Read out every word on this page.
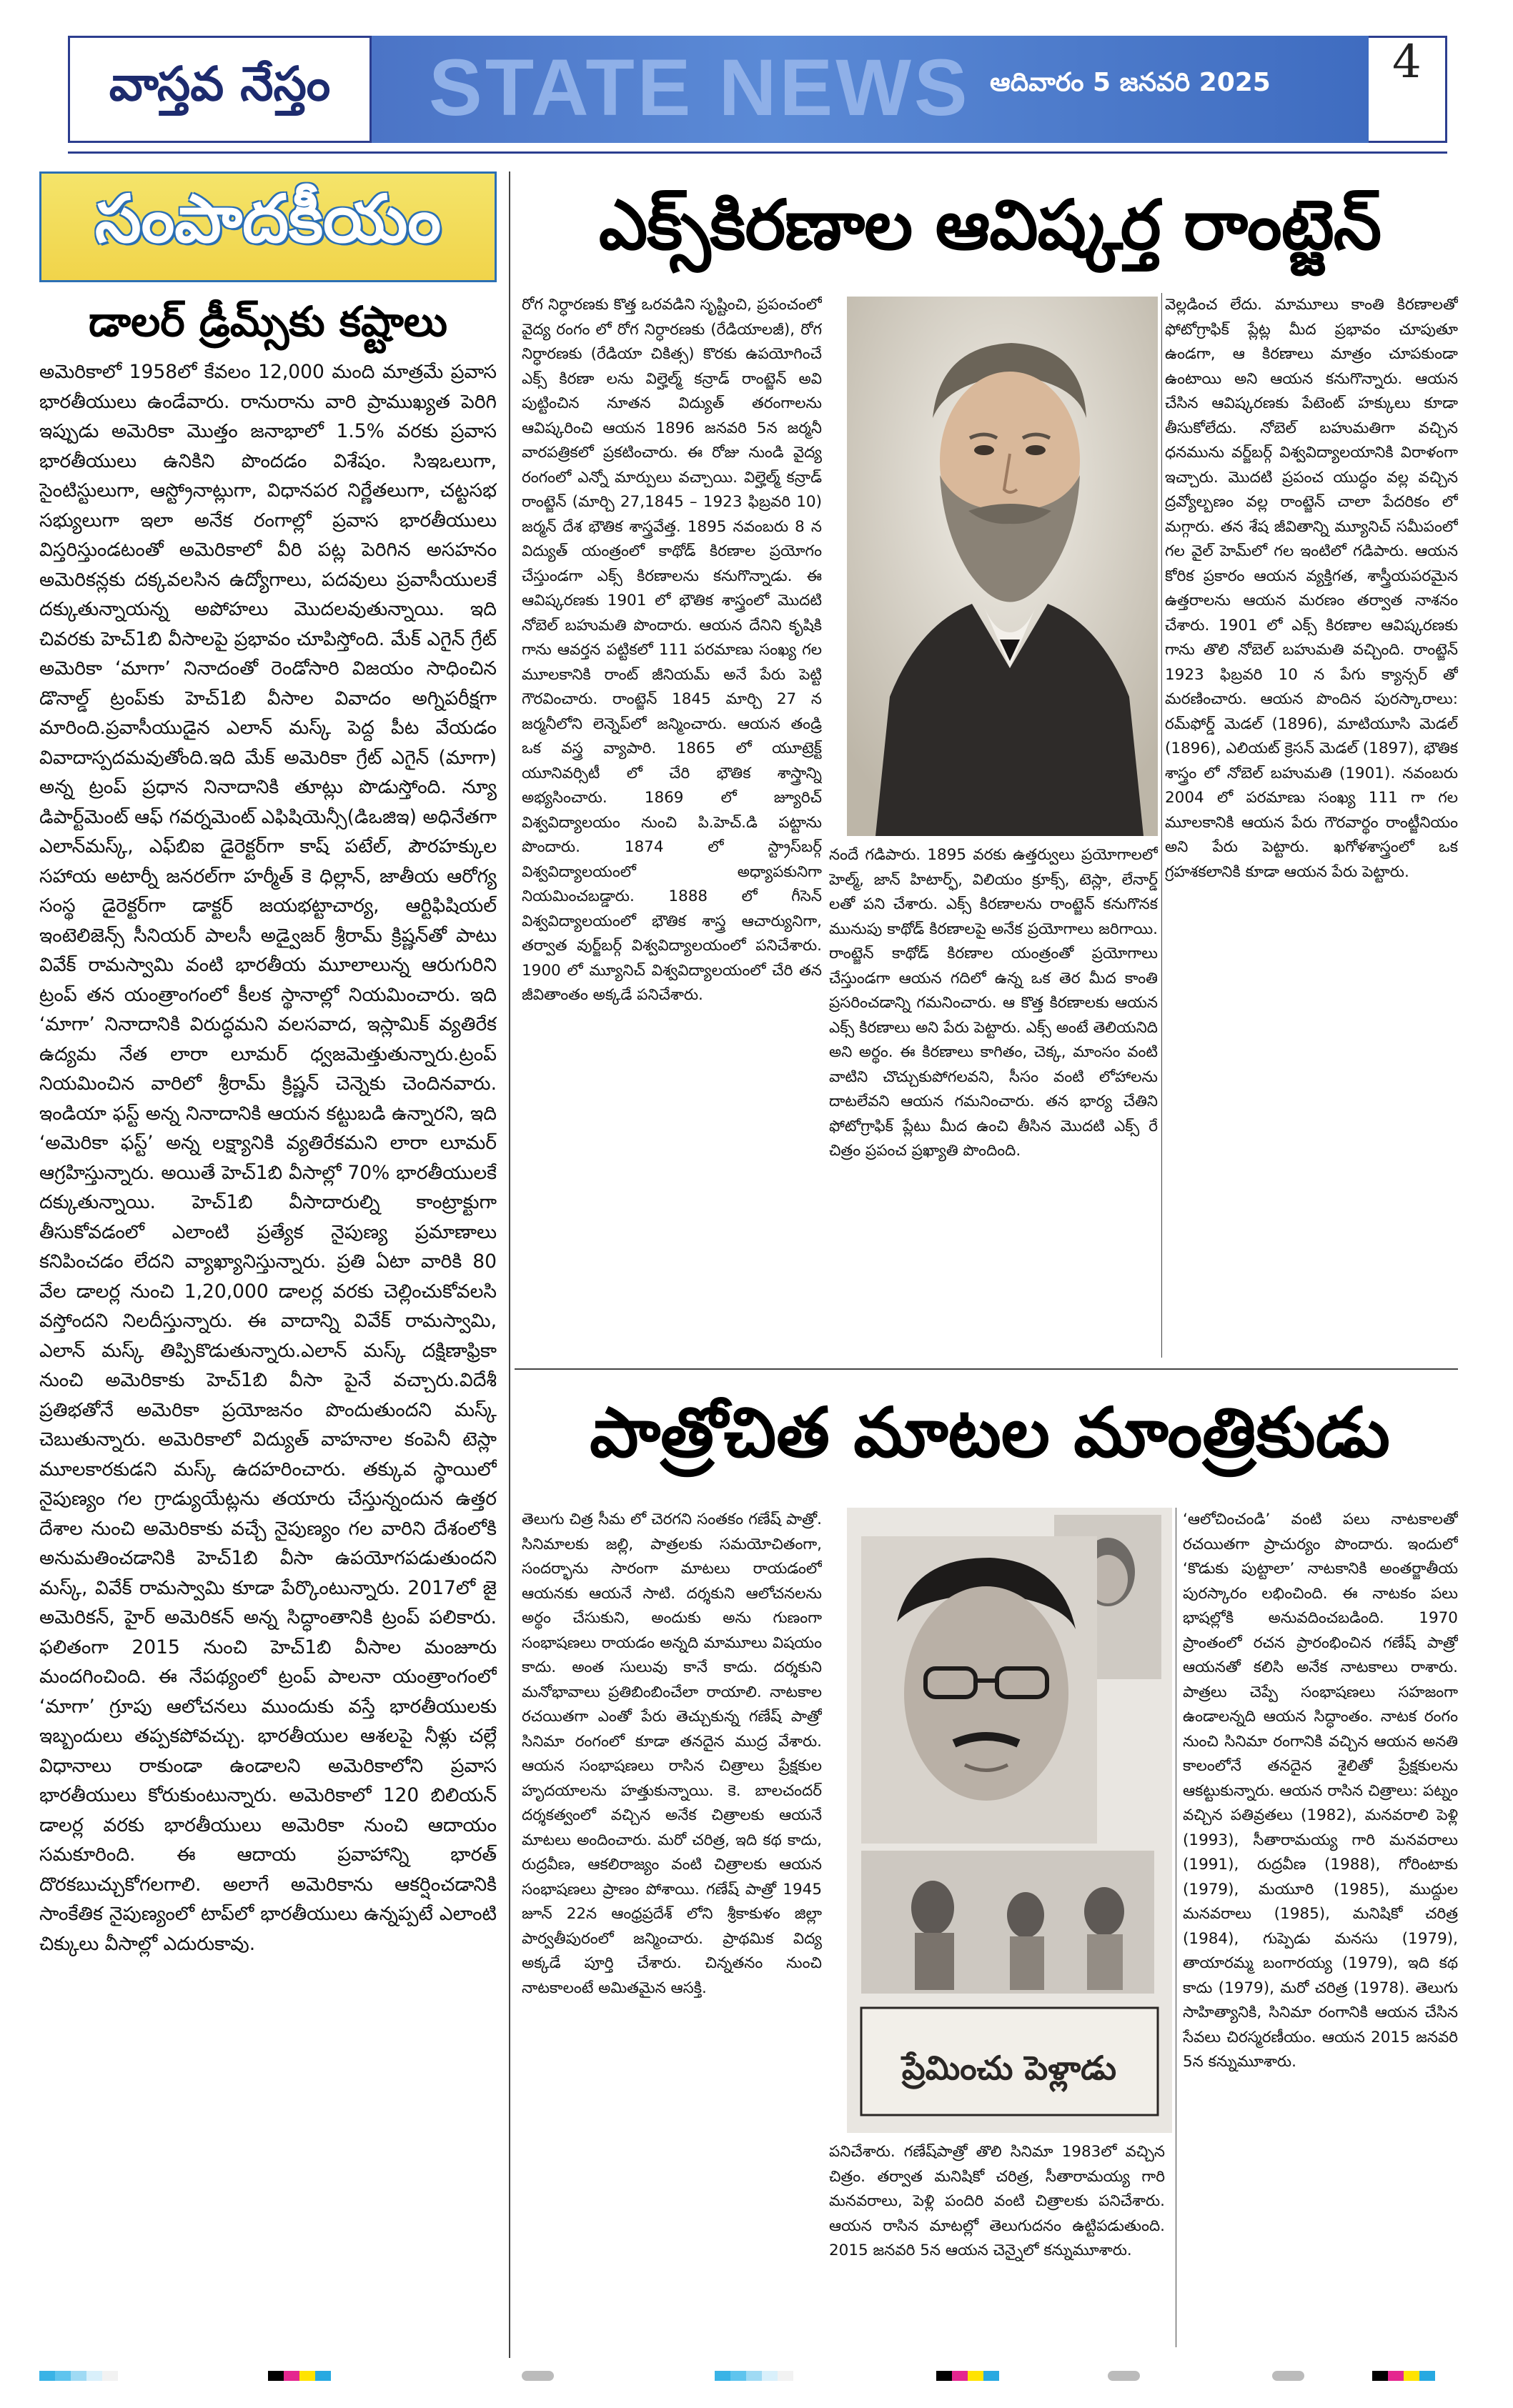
వాస్తవ నేస్తం STATE NEWS ఆదివారం 5 జనవరి 2025	4
సంపాదకీయం
డాలర్ డ్రీమ్స్‌కు కష్టాలు
అమెరికాలో 1958లో కేవలం 12,000 మంది మాత్రమే ప్రవాస భారతీయులు ఉండేవారు. రానురాను వారి ప్రాముఖ్యత పెరిగి ఇప్పుడు అమెరికా మొత్తం జనాభాలో 1.5% వరకు ప్రవాస భారతీయులు ఉనికిని పొందడం విశేషం. సిఇఒలుగా, సైంటిస్టులుగా, ఆస్ట్రోనాట్లుగా, విధానపర నిర్ణేతలుగా, చట్టసభ సభ్యులుగా ఇలా అనేక రంగాల్లో ప్రవాస భారతీయులు విస్తరిస్తుండటంతో అమెరికాలో వీరి పట్ల పెరిగిన అసహనం అమెరికన్లకు దక్కవలసిన ఉద్యోగాలు, పదవులు ప్రవాసీయులకే దక్కుతున్నాయన్న అపోహలు మొదలవుతున్నాయి. ఇది చివరకు హెచ్1బి వీసాలపై ప్రభావం చూపిస్తోంది. మేక్ ఎగైన్ గ్రేట్ అమెరికా ‘మాగా’ నినాదంతో రెండోసారి విజయం సాధించిన డొనాల్డ్ ట్రంప్‌కు హెచ్1బి వీసాల వివాదం అగ్నిపరీక్షగా మారింది.ప్రవాసీయుడైన ఎలాన్ మస్క్ పెద్ద పీట వేయడం వివాదాస్పదమవుతోంది.ఇది మేక్ అమెరికా గ్రేట్ ఎగైన్ (మాగా) అన్న ట్రంప్ ప్రధాన నినాదానికి తూట్లు పొడుస్తోంది. న్యూ డిపార్ట్‌మెంట్ ఆఫ్ గవర్నమెంట్ ఎఫిషియెన్సీ(డిఒజిఇ) అధినేతగా ఎలాన్‌మస్క్, ఎఫ్‌బిఐ డైరెక్టర్‌గా కాష్ పటేల్, పౌరహక్కుల సహాయ అటార్నీ జనరల్‌గా హర్మీత్ కె ధిల్లాన్, జాతీయ ఆరోగ్య సంస్థ డైరెక్టర్‌గా డాక్టర్ జయభట్టాచార్య, ఆర్టిఫిషియల్ ఇంటెలిజెన్స్ సీనియర్ పాలసీ అడ్వైజర్ శ్రీరామ్ క్రిష్ణన్‌తో పాటు వివేక్ రామస్వామి వంటి భారతీయ మూలాలున్న ఆరుగురిని ట్రంప్ తన యంత్రాంగంలో కీలక స్థానాల్లో నియమించారు. ఇది ‘మాగా’ నినాదానికి విరుద్ధమని వలసవాద, ఇస్లామిక్ వ్యతిరేక ఉద్యమ నేత లారా లూమర్ ధ్వజమెత్తుతున్నారు.ట్రంప్ నియమించిన వారిలో శ్రీరామ్ క్రిష్ణన్ చెన్నెకు చెందినవారు. ఇండియా ఫస్ట్ అన్న నినాదానికి ఆయన కట్టుబడి ఉన్నారని, ఇది ‘అమెరికా ఫస్ట్’ అన్న లక్ష్యానికి వ్యతిరేకమని లారా లూమర్ ఆగ్రహిస్తున్నారు. అయితే హెచ్1బి వీసాల్లో 70% భారతీయులకే దక్కుతున్నాయి. హెచ్1బి వీసాదారుల్ని కాంట్రాక్టుగా తీసుకోవడంలో ఎలాంటి ప్రత్యేక నైపుణ్య ప్రమాణాలు కనిపించడం లేదని వ్యాఖ్యానిస్తున్నారు. ప్రతి ఏటా వారికి 80 వేల డాలర్ల నుంచి 1,20,000 డాలర్ల వరకు చెల్లించుకోవలసి వస్తోందని నిలదీస్తున్నారు. ఈ వాదాన్ని వివేక్ రామస్వామి, ఎలాన్ మస్క్ తిప్పికొడుతున్నారు.ఎలాన్ మస్క్ దక్షిణాఫ్రికా నుంచి అమెరికాకు హెచ్1బి వీసా పైనే వచ్చారు.విదేశీ ప్రతిభతోనే అమెరికా ప్రయోజనం పొందుతుందని మస్క్ చెబుతున్నారు. అమెరికాలో విద్యుత్ వాహనాల కంపెనీ టెస్లా మూలకారకుడని మస్క్ ఉదహరించారు. తక్కువ స్థాయిలో నైపుణ్యం గల గ్రాడ్యుయేట్లను తయారు చేస్తున్నందున ఉత్తర దేశాల నుంచి అమెరికాకు వచ్చే నైపుణ్యం గల వారిని దేశంలోకి అనుమతించడానికి హెచ్1బి వీసా ఉపయోగపడుతుందని మస్క్, వివేక్ రామస్వామి కూడా పేర్కొంటున్నారు. 2017లో జై అమెరికన్, హైర్ అమెరికన్ అన్న సిద్ధాంతానికి ట్రంప్ పలికారు. ఫలితంగా 2015 నుంచి హెచ్1బి వీసాల మంజూరు మందగించింది. ఈ నేపథ్యంలో ట్రంప్ పాలనా యంత్రాంగంలో ‘మాగా’ గ్రూపు ఆలోచనలు ముందుకు వస్తే భారతీయులకు ఇబ్బందులు తప్పకపోవచ్చు. భారతీయుల ఆశలపై నీళ్లు చల్లే విధానాలు రాకుండా ఉండాలని అమెరికాలోని ప్రవాస భారతీయులు కోరుకుంటున్నారు. అమెరికాలో 120 బిలియన్ డాలర్ల వరకు భారతీయులు అమెరికా నుంచి ఆదాయం సమకూరింది. ఈ ఆదాయ ప్రవాహాన్ని భారత్ దొరకబుచ్చుకోగలగాలి. అలాగే అమెరికాను ఆకర్షించడానికి సాంకేతిక నైపుణ్యంలో టాప్‌లో భారతీయులు ఉన్నప్పటే ఎలాంటి చిక్కులు వీసాల్లో ఎదురుకావు.
ఎక్స్‌కిరణాల ఆవిష్కర్త రాంట్జెన్
రోగ నిర్ధారణకు కొత్త ఒరవడిని సృష్టించి, ప్రపంచంలో వైద్య రంగం లో రోగ నిర్ధారణకు (రేడియాలజీ), రోగ నిర్ధారణకు (రేడియా చికిత్స) కొరకు ఉపయోగించే ఎక్స్ కిరణా లను విల్హెల్మ్ కన్రాడ్ రాంట్జెన్ అవి పుట్టించిన నూతన విద్యుత్ తరంగాలను ఆవిష్కరించి ఆయన 1896 జనవరి 5న జర్మనీ వారపత్రికలో ప్రకటించారు. ఈ రోజు నుండి వైద్య రంగంలో ఎన్నో మార్పులు వచ్చాయి. విల్హెల్మ్ కన్రాడ్ రాంట్జెన్ (మార్చి 27,1845 – 1923 ఫిబ్రవరి 10) జర్మన్ దేశ భౌతిక శాస్త్రవేత్త. 1895 నవంబరు 8 న విద్యుత్ యంత్రంలో కాథోడ్ కిరణాల ప్రయోగం చేస్తుండగా ఎక్స్ కిరణాలను కనుగొన్నాడు. ఈ ఆవిష్కరణకు 1901 లో భౌతిక శాస్త్రంలో మొదటి నోబెల్ బహుమతి పొందారు. ఆయన దేనిని కృషికి గాను ఆవర్తన పట్టికలో 111 పరమాణు సంఖ్య గల మూలకానికి రాంట్ జీనియమ్ అనే పేరు పెట్టి గౌరవించారు. రాంట్జెన్ 1845 మార్చి 27 న జర్మనీలోని లెన్నెప్‌లో జన్మించారు. ఆయన తండ్రి ఒక వస్త్ర వ్యాపారి. 1865 లో యూట్రెక్ట్ యూనివర్సిటీ లో చేరి భౌతిక శాస్త్రాన్ని అభ్యసించారు. 1869 లో జ్యూరిచ్ విశ్వవిద్యాలయం నుంచి పి.హెచ్.డి పట్టాను పొందారు. 1874 లో స్ట్రాస్‌బర్గ్ విశ్వవిద్యాలయంలో అధ్యాపకునిగా నియమించబడ్డారు. 1888 లో గీసెన్ విశ్వవిద్యాలయంలో భౌతిక శాస్త్ర ఆచార్యునిగా, తర్వాత వుర్జ్‌బర్గ్ విశ్వవిద్యాలయంలో పనిచేశారు. 1900 లో మ్యూనిచ్ విశ్వవిద్యాలయంలో చేరి తన జీవితాంతం అక్కడే పనిచేశారు.
నందే గడిపారు. 1895 వరకు ఉత్తర్వులు ప్రయోగాలలో హెల్మ్, జాన్ హిటార్ఫ్, విలియం క్రూక్స్, టెస్లా, లేనార్డ్ లతో పని చేశారు. ఎక్స్ కిరణాలను రాంట్జెన్ కనుగొనక మునుపు కాథోడ్ కిరణాలపై అనేక ప్రయోగాలు జరిగాయి. రాంట్జెన్ కాథోడ్ కిరణాల యంత్రంతో ప్రయోగాలు చేస్తుండగా ఆయన గదిలో ఉన్న ఒక తెర మీద కాంతి ప్రసరించడాన్ని గమనించారు. ఆ కొత్త కిరణాలకు ఆయన ఎక్స్ కిరణాలు అని పేరు పెట్టారు. ఎక్స్ అంటే తెలియనిది అని అర్థం. ఈ కిరణాలు కాగితం, చెక్క, మాంసం వంటి వాటిని చొచ్చుకుపోగలవని, సీసం వంటి లోహాలను దాటలేవని ఆయన గమనించారు. తన భార్య చేతిని ఫోటోగ్రాఫిక్ ప్లేటు మీద ఉంచి తీసిన మొదటి ఎక్స్ రే చిత్రం ప్రపంచ ప్రఖ్యాతి పొందింది.
వెల్లడించ లేదు. మామూలు కాంతి కిరణాలతో ఫోటోగ్రాఫిక్ ప్లేట్ల మీద ప్రభావం చూపుతూ ఉండగా, ఆ కిరణాలు మాత్రం చూపకుండా ఉంటాయి అని ఆయన కనుగొన్నారు. ఆయన చేసిన ఆవిష్కరణకు పేటెంట్ హక్కులు కూడా తీసుకోలేదు. నోబెల్ బహుమతిగా వచ్చిన ధనమును వర్జ్‌బర్గ్ విశ్వవిద్యాలయానికి విరాళంగా ఇచ్చారు. మొదటి ప్రపంచ యుద్ధం వల్ల వచ్చిన ద్రవ్యోల్బణం వల్ల రాంట్జెన్ చాలా పేదరికం లో మగ్గారు. తన శేష జీవితాన్ని మ్యూనిచ్ సమీపంలో గల వైల్ హెమ్‌లో గల ఇంటిలో గడిపారు. ఆయన కోరిక ప్రకారం ఆయన వ్యక్తిగత, శాస్త్రీయపరమైన ఉత్తరాలను ఆయన మరణం తర్వాత నాశనం చేశారు. 1901 లో ఎక్స్ కిరణాల ఆవిష్కరణకు గాను తొలి నోబెల్ బహుమతి వచ్చింది. రాంట్జెన్ 1923 ఫిబ్రవరి 10 న పేగు క్యాన్సర్ తో మరణించారు. ఆయన పొందిన పురస్కారాలు: రమ్‌ఫోర్డ్ మెడల్ (1896), మాటియూసి మెడల్ (1896), ఎలియట్ క్రెసన్ మెడల్ (1897), భౌతిక శాస్త్రం లో నోబెల్ బహుమతి (1901). నవంబరు 2004 లో పరమాణు సంఖ్య 111 గా గల మూలకానికి ఆయన పేరు గౌరవార్థం రాంట్జీనియం అని పేరు పెట్టారు. ఖగోళశాస్త్రంలో ఒక గ్రహశకలానికి కూడా ఆయన పేరు పెట్టారు.
పాత్రోచిత మాటల మాంత్రికుడు
తెలుగు చిత్ర సీమ లో చెరగని సంతకం గణేష్ పాత్రో. సినిమాలకు జల్లి, పాత్రలకు సమయోచితంగా, సందర్భాను సారంగా మాటలు రాయడంలో ఆయనకు ఆయనే సాటి. దర్శకుని ఆలోచనలను అర్థం చేసుకుని, అందుకు అను గుణంగా సంభాషణలు రాయడం అన్నది మామూలు విషయం కాదు. అంత సులువు కానే కాదు. దర్శకుని మనోభావాలు ప్రతిబింబించేలా రాయాలి. నాటకాల రచయితగా ఎంతో పేరు తెచ్చుకున్న గణేష్ పాత్రో సినిమా రంగంలో కూడా తనదైన ముద్ర వేశారు. ఆయన సంభాషణలు రాసిన చిత్రాలు ప్రేక్షకుల హృదయాలను హత్తుకున్నాయి. కె. బాలచందర్ దర్శకత్వంలో వచ్చిన అనేక చిత్రాలకు ఆయనే మాటలు అందించారు. మరో చరిత్ర, ఇది కథ కాదు, రుద్రవీణ, ఆకలిరాజ్యం వంటి చిత్రాలకు ఆయన సంభాషణలు ప్రాణం పోశాయి. గణేష్ పాత్రో 1945 జూన్ 22న ఆంధ్రప్రదేశ్ లోని శ్రీకాకుళం జిల్లా పార్వతీపురంలో జన్మించారు. ప్రాథమిక విద్య అక్కడే పూర్తి చేశారు. చిన్నతనం నుంచి నాటకాలంటే అమితమైన ఆసక్తి.
ప్రేమించు పెళ్లాడు
పనిచేశారు. గణేష్‌పాత్రో తొలి సినిమా 1983లో వచ్చిన చిత్రం. తర్వాత మనిషికో చరిత్ర, సీతారామయ్య గారి మనవరాలు, పెళ్లి పందిరి వంటి చిత్రాలకు పనిచేశారు. ఆయన రాసిన మాటల్లో తెలుగుదనం ఉట్టిపడుతుంది. 2015 జనవరి 5న ఆయన చెన్నైలో కన్నుమూశారు.
‘ఆలోచించండి’ వంటి పలు నాటకాలతో రచయితగా ప్రాచుర్యం పొందారు. ఇందులో ‘కొడుకు పుట్టాలా’ నాటకానికి అంతర్జాతీయ పురస్కారం లభించింది. ఈ నాటకం పలు భాషల్లోకి అనువదించబడింది. 1970 ప్రాంతంలో రచన ప్రారంభించిన గణేష్ పాత్రో ఆయనతో కలిసి అనేక నాటకాలు రాశారు. పాత్రలు చెప్పే సంభాషణలు సహజంగా ఉండాలన్నది ఆయన సిద్ధాంతం. నాటక రంగం నుంచి సినిమా రంగానికి వచ్చిన ఆయన అనతి కాలంలోనే తనదైన శైలితో ప్రేక్షకులను ఆకట్టుకున్నారు. ఆయన రాసిన చిత్రాలు: పట్నం వచ్చిన పతివ్రతలు (1982), మనవరాలి పెళ్లి (1993), సీతారామయ్య గారి మనవరాలు (1991), రుద్రవీణ (1988), గోరింటాకు (1979), మయూరి (1985), ముద్దుల మనవరాలు (1985), మనిషికో చరిత్ర (1984), గుప్పెడు మనసు (1979), తాయారమ్మ బంగారయ్య (1979), ఇది కథ కాదు (1979), మరో చరిత్ర (1978). తెలుగు సాహిత్యానికి, సినిమా రంగానికి ఆయన చేసిన సేవలు చిరస్మరణీయం. ఆయన 2015 జనవరి 5న కన్నుమూశారు.
